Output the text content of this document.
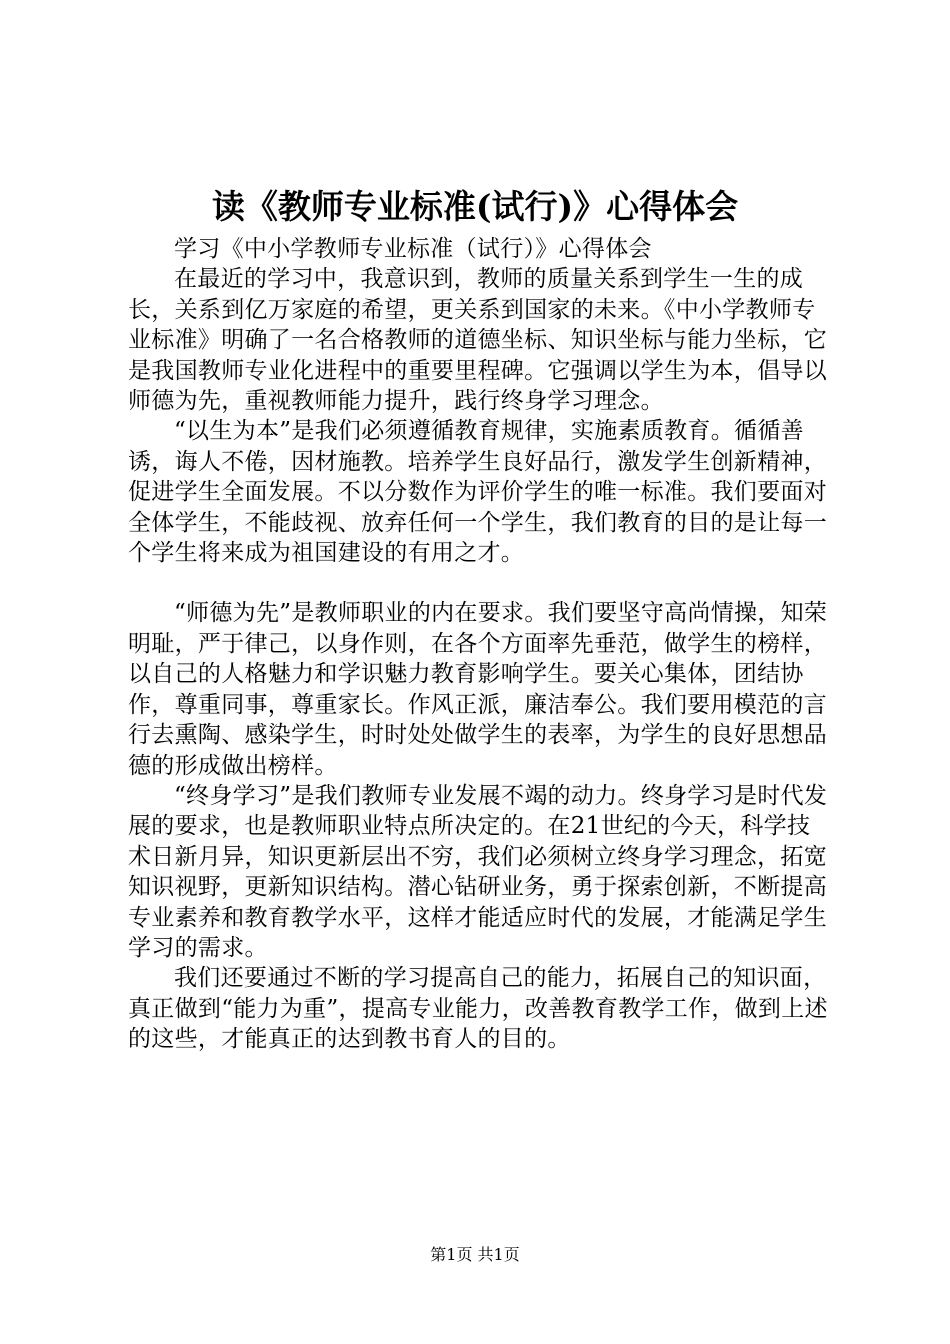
读《教师专业标准(试行)》心得体会

学习《中小学教师专业标准（试行）》心得体会

在最近的学习中，我意识到，教师的质量关系到学生一生的成长，关系到亿万家庭的希望，更关系到国家的未来。《中小学教师专业标准》明确了一名合格教师的道德坐标、知识坐标与能力坐标，它是我国教师专业化进程中的重要里程碑。它强调以学生为本，倡导以师德为先，重视教师能力提升，践行终身学习理念。

“以生为本”是我们必须遵循教育规律，实施素质教育。循循善诱，诲人不倦，因材施教。培养学生良好品行，激发学生创新精神，促进学生全面发展。不以分数作为评价学生的唯一标准。我们要面对全体学生，不能歧视、放弃任何一个学生，我们教育的目的是让每一个学生将来成为祖国建设的有用之才。

“师德为先”是教师职业的内在要求。我们要坚守高尚情操，知荣明耻，严于律己，以身作则，在各个方面率先垂范，做学生的榜样，以自己的人格魅力和学识魅力教育影响学生。要关心集体，团结协作，尊重同事，尊重家长。作风正派，廉洁奉公。我们要用模范的言行去熏陶、感染学生，时时处处做学生的表率，为学生的良好思想品德的形成做出榜样。

“终身学习”是我们教师专业发展不竭的动力。终身学习是时代发展的要求，也是教师职业特点所决定的。在21世纪的今天，科学技术日新月异，知识更新层出不穷，我们必须树立终身学习理念，拓宽知识视野，更新知识结构。潜心钻研业务，勇于探索创新，不断提高专业素养和教育教学水平，这样才能适应时代的发展，才能满足学生学习的需求。

我们还要通过不断的学习提高自己的能力，拓展自己的知识面，真正做到“能力为重”，提高专业能力，改善教育教学工作，做到上述的这些，才能真正的达到教书育人的目的。

第1页 共1页
